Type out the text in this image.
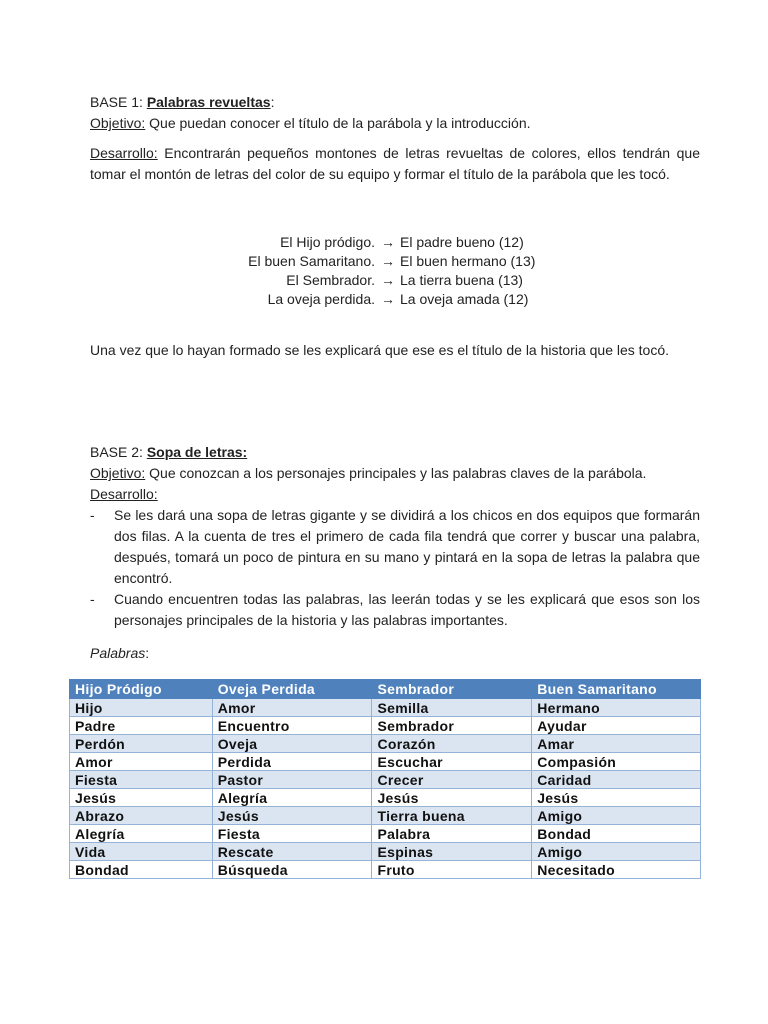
BASE 1: Palabras revueltas:
Objetivo: Que puedan conocer el título de la parábola y la introducción.
Desarrollo: Encontrarán pequeños montones de letras revueltas de colores, ellos tendrán que tomar el montón de letras del color de su equipo y formar el título de la parábola que les tocó.
El Hijo pródigo. → El padre bueno (12)
El buen Samaritano. → El buen hermano (13)
El Sembrador. → La tierra buena (13)
La oveja perdida. → La oveja amada (12)
Una vez que lo hayan formado se les explicará que ese es el título de la historia que les tocó.
BASE 2: Sopa de letras:
Objetivo: Que conozcan a los personajes principales y las palabras claves de la parábola.
Desarrollo:
- Se les dará una sopa de letras gigante y se dividirá a los chicos en dos equipos que formarán dos filas. A la cuenta de tres el primero de cada fila tendrá que correr y buscar una palabra, después, tomará un poco de pintura en su mano y pintará en la sopa de letras la palabra que encontró.
- Cuando encuentren todas las palabras, las leerán todas y se les explicará que esos son los personajes principales de la historia y las palabras importantes.
Palabras:
Hijo Pródigo	Oveja Perdida	Sembrador	Buen Samaritano
Hijo	Amor	Semilla	Hermano
Padre	Encuentro	Sembrador	Ayudar
Perdón	Oveja	Corazón	Amar
Amor	Perdida	Escuchar	Compasión
Fiesta	Pastor	Crecer	Caridad
Jesús	Alegría	Jesús	Jesús
Abrazo	Jesús	Tierra buena	Amigo
Alegría	Fiesta	Palabra	Bondad
Vida	Rescate	Espinas	Amigo
Bondad	Búsqueda	Fruto	Necesitado
